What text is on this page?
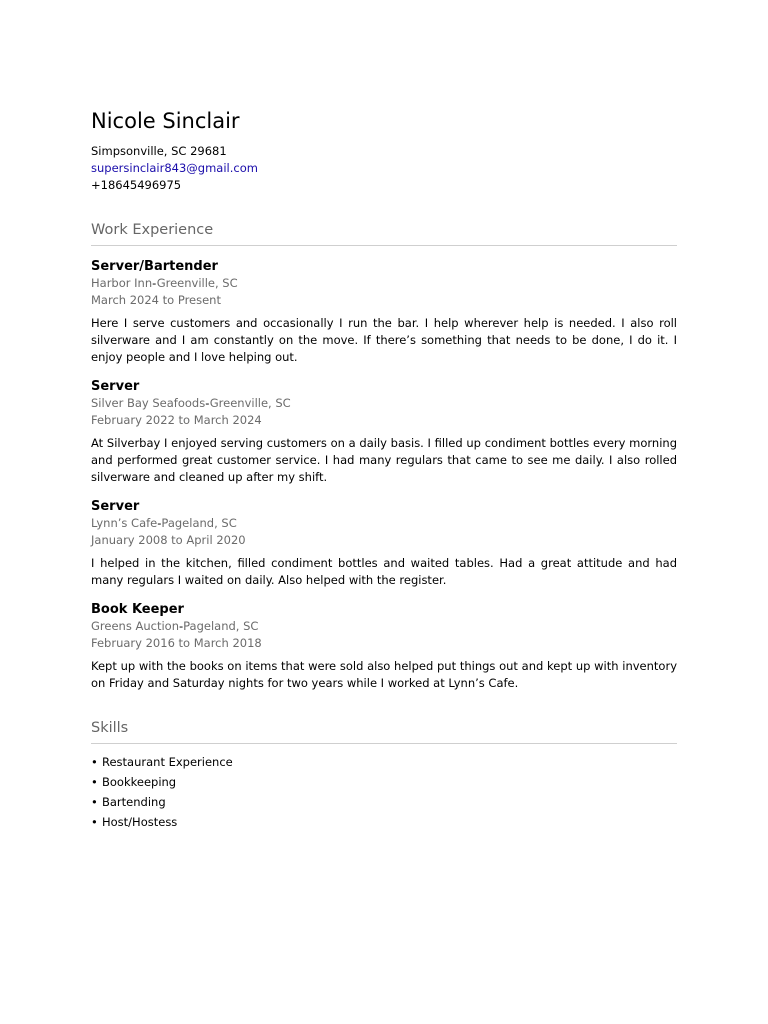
Nicole Sinclair

Simpsonville, SC 29681

supersinclair843@gmail.com

+18645496975

Work Experience

Server/Bartender

Harbor Inn-Greenville, SC

March 2024 to Present

Here I serve customers and occasionally I run the bar. I help wherever help is needed. I also roll silverware and I am constantly on the move. If there’s something that needs to be done, I do it. I enjoy people and I love helping out.

Server

Silver Bay Seafoods-Greenville, SC

February 2022 to March 2024

At Silverbay I enjoyed serving customers on a daily basis. I filled up condiment bottles every morning and performed great customer service. I had many regulars that came to see me daily. I also rolled silverware and cleaned up after my shift.

Server

Lynn’s Cafe-Pageland, SC

January 2008 to April 2020

I helped in the kitchen, filled condiment bottles and waited tables. Had a great attitude and had many regulars I waited on daily. Also helped with the register.

Book Keeper

Greens Auction-Pageland, SC

February 2016 to March 2018

Kept up with the books on items that were sold also helped put things out and kept up with inventory on Friday and Saturday nights for two years while I worked at Lynn’s Cafe.

Skills
• Restaurant Experience
• Bookkeeping
• Bartending
• Host/Hostess
